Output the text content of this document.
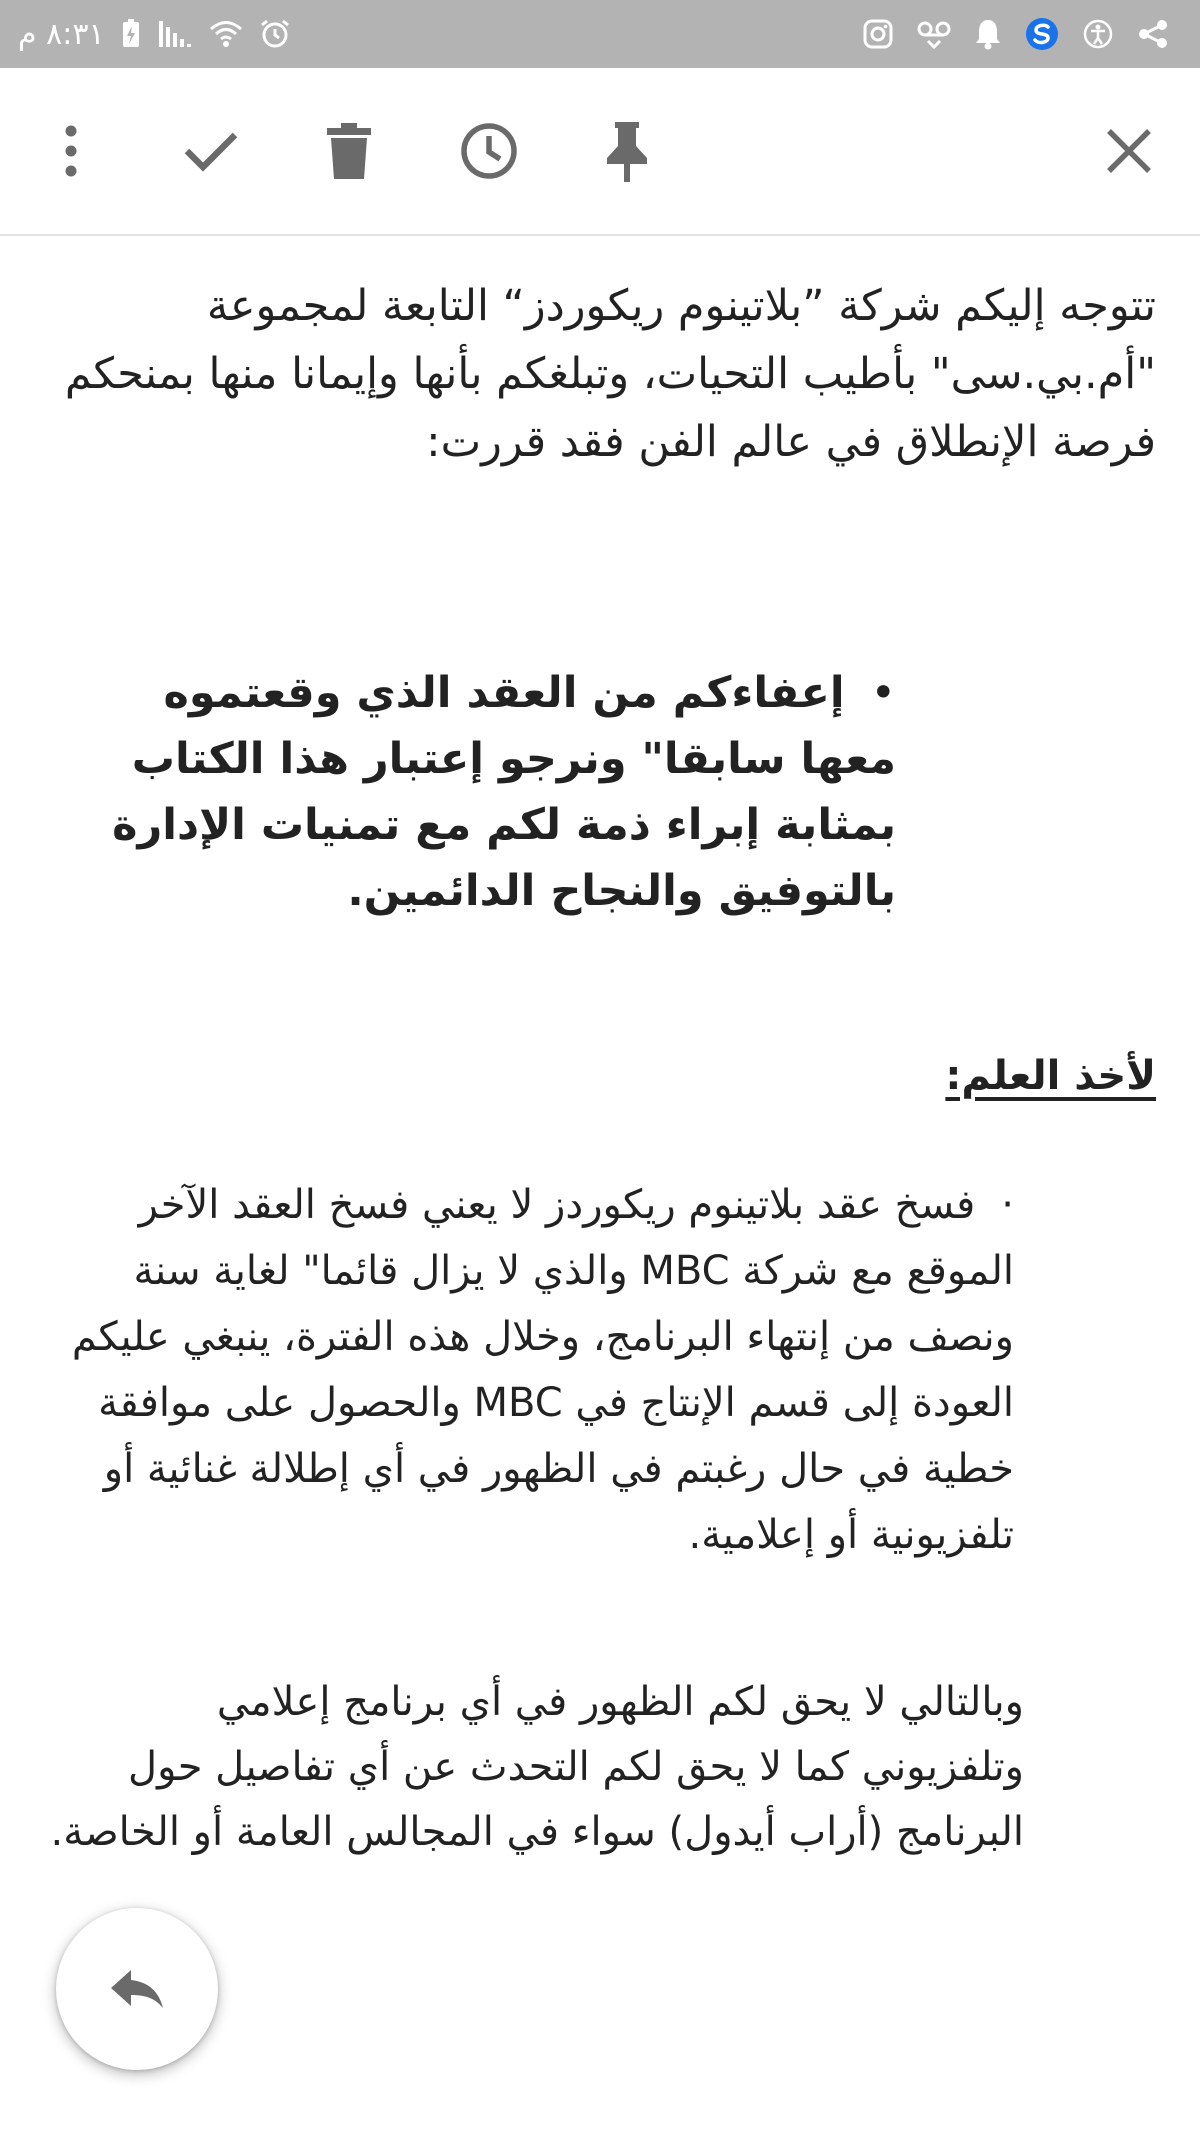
٨:٣١ م

تتوجه إليكم شركة ”بلاتينوم ريكوردز“ التابعة لمجموعة "أم.بي.سى" بأطيب التحيات، وتبلغكم بأنها وإيمانا منها بمنحكم فرصة الإنطلاق في عالم الفن فقد قررت:

•إعفاءكم من العقد الذي وقعتموه معها سابقا" ونرجو إعتبار هذا الكتاب بمثابة إبراء ذمة لكم مع تمنيات الإدارة بالتوفيق والنجاح الدائمين.

لأخذ العلم:

·فسخ عقد بلاتينوم ريكوردز لا يعني فسخ العقد الآخر الموقع مع شركة MBC والذي لا يزال قائما" لغاية سنة ونصف من إنتهاء البرنامج، وخلال هذه الفترة، ينبغي عليكم العودة إلى قسم الإنتاج في MBC والحصول على موافقة خطية في حال رغبتم في الظهور في أي إطلالة غنائية أو تلفزيونية أو إعلامية.

وبالتالي لا يحق لكم الظهور في أي برنامج إعلامي وتلفزيوني كما لا يحق لكم التحدث عن أي تفاصيل حول البرنامج (أراب أيدول) سواء في المجالس العامة أو الخاصة.
